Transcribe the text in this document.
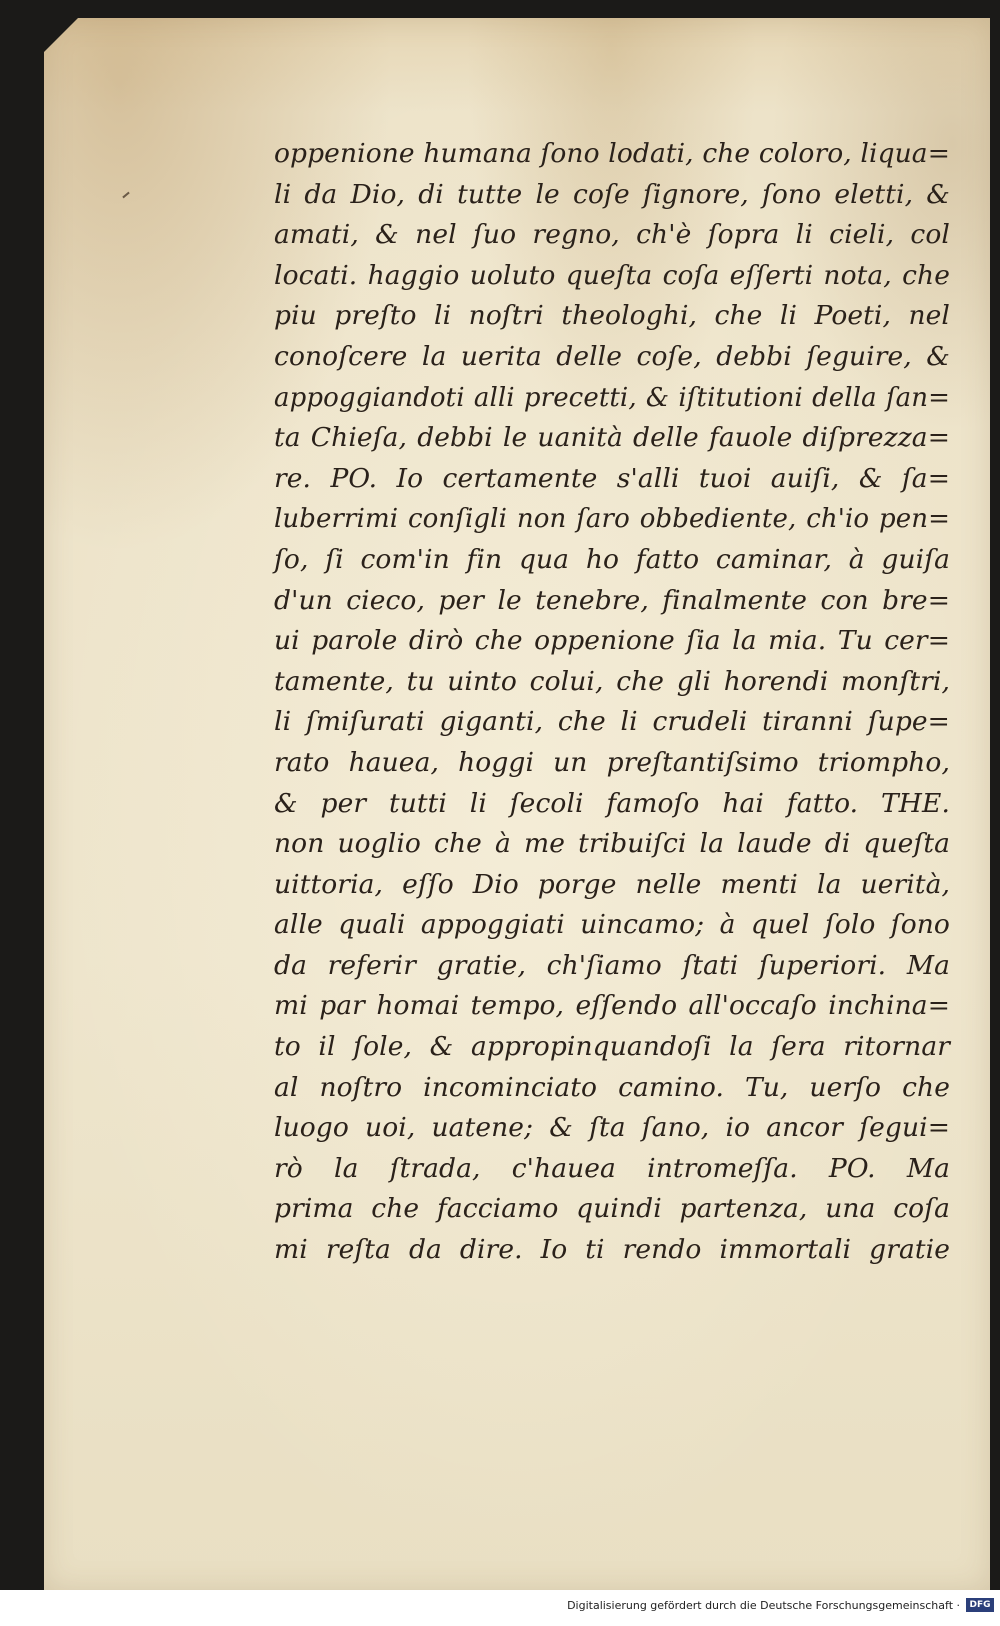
oppenione humana ſono lodati, che coloro, liqua=
li da Dio, di tutte le coſe ſignore, ſono eletti, &
amati, & nel ſuo regno, ch'è ſopra li cieli, col
locati. haggio uoluto queſta coſa eſſerti nota, che
piu preſto li noſtri theologhi, che li Poeti, nel
conoſcere la uerita delle coſe, debbi ſeguire, &
appoggiandoti alli precetti, & iſtitutioni della ſan=
ta Chieſa, debbi le uanità delle fauole diſprezza=
re. PO. Io certamente s'alli tuoi auiſi, & ſa=
luberrimi conſigli non ſaro obbediente, ch'io pen=
ſo, ſi com'in fin qua ho fatto caminar, à guiſa
d'un cieco, per le tenebre, finalmente con bre=
ui parole dirò che oppenione ſia la mia. Tu cer=
tamente, tu uinto colui, che gli horendi monſtri,
li ſmiſurati giganti, che li crudeli tiranni ſupe=
rato hauea, hoggi un preſtantiſsimo triompho,
& per tutti li ſecoli famoſo hai fatto. THE.
non uoglio che à me tribuiſci la laude di queſta
uittoria, eſſo Dio porge nelle menti la uerità,
alle quali appoggiati uincamo; à quel ſolo ſono
da referir gratie, ch'ſiamo ſtati ſuperiori. Ma
mi par homai tempo, eſſendo all'occaſo inchina=
to il ſole, & appropinquandoſi la ſera ritornar
al noſtro incominciato camino. Tu, uerſo che
luogo uoi, uatene; & ſta ſano, io ancor ſegui=
rò la ſtrada, c'hauea intromeſſa. PO. Ma
prima che facciamo quindi partenza, una coſa
mi reſta da dire. Io ti rendo immortali gratie
Digitalisierung gefördert durch die Deutsche Forschungsgemeinschaft ·	DFG
